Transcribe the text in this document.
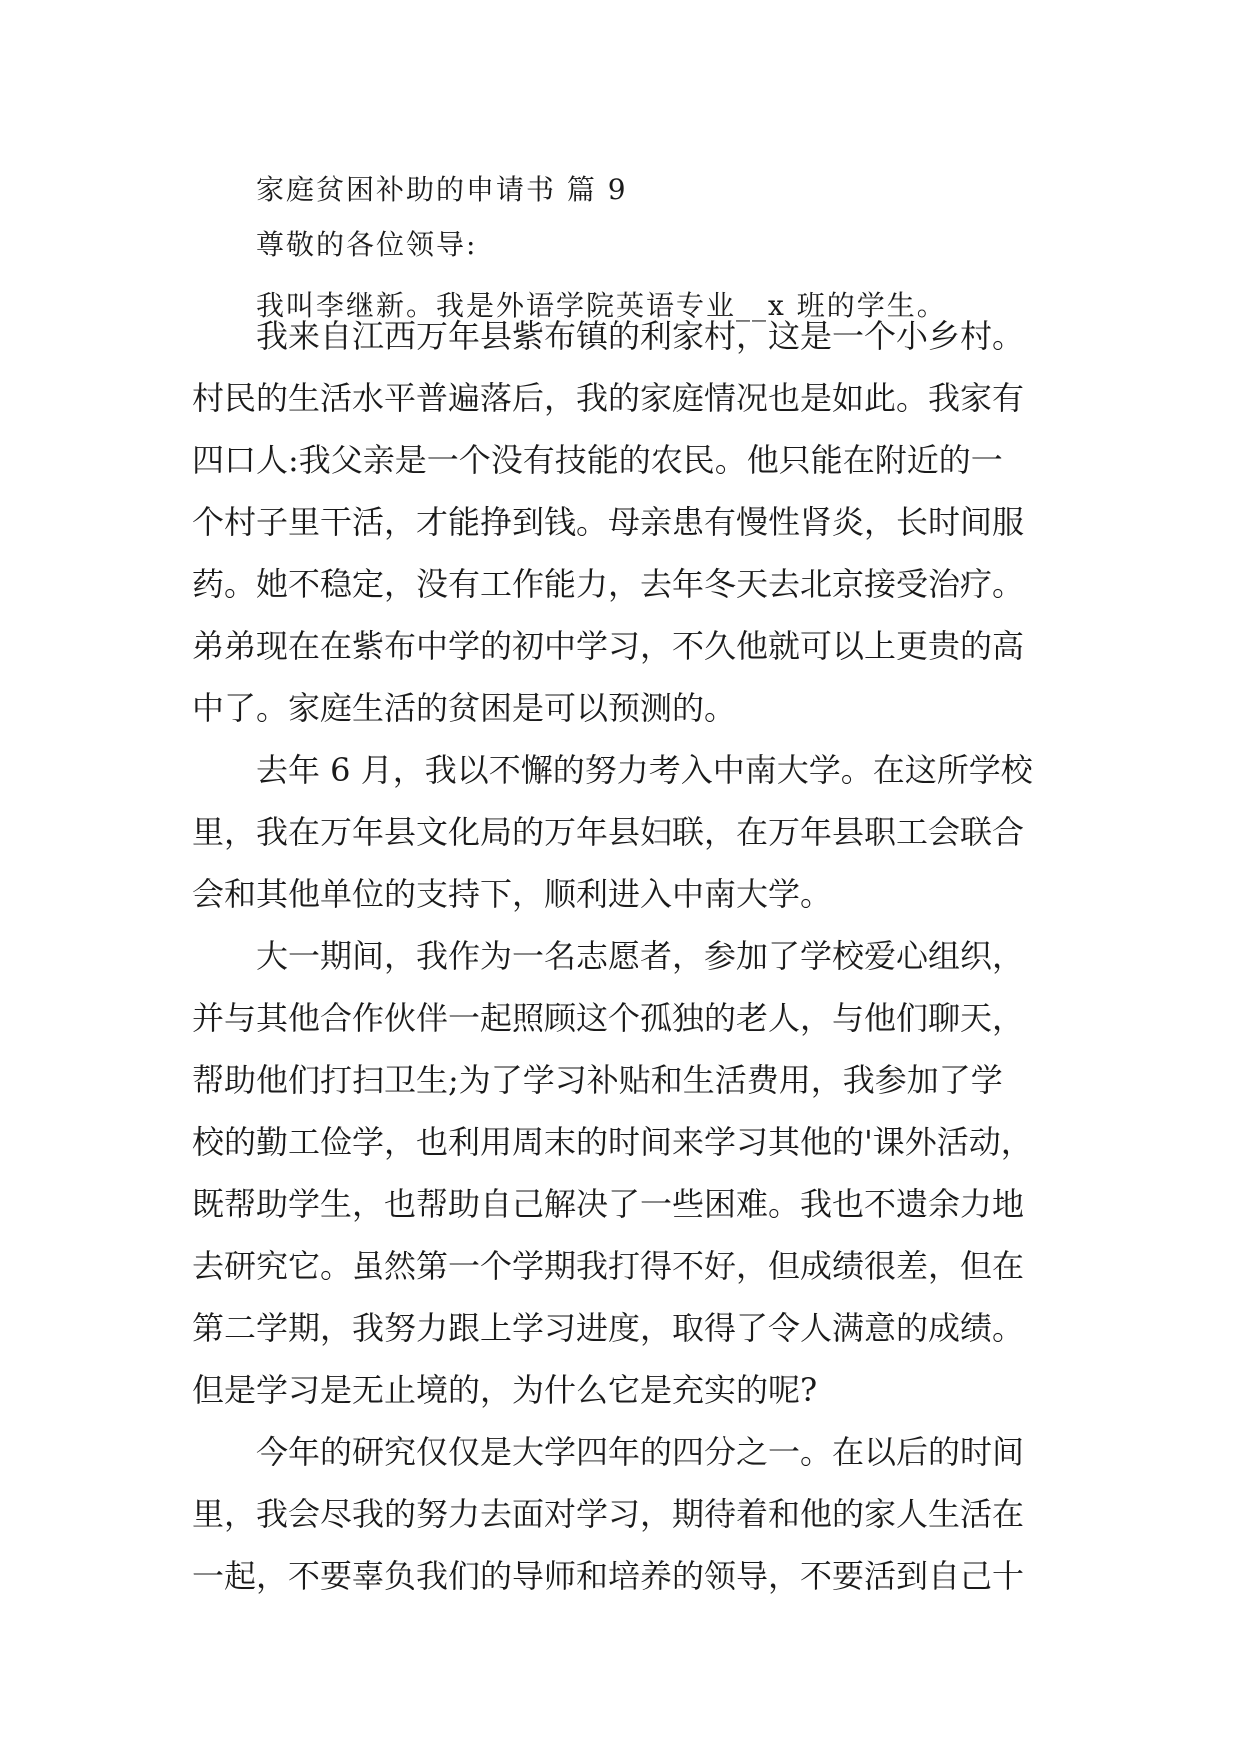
家庭贫困补助的申请书 篇 9
尊敬的各位领导:
我叫李继新。我是外语学院英语专业__x 班的学生。
我来自江西万年县紫布镇的利家村，这是一个小乡村。
村民的生活水平普遍落后，我的家庭情况也是如此。我家有
四口人:我父亲是一个没有技能的农民。他只能在附近的一
个村子里干活，才能挣到钱。母亲患有慢性肾炎，长时间服
药。她不稳定，没有工作能力，去年冬天去北京接受治疗。
弟弟现在在紫布中学的初中学习，不久他就可以上更贵的高
中了。家庭生活的贫困是可以预测的。
去年 6 月，我以不懈的努力考入中南大学。在这所学校
里，我在万年县文化局的万年县妇联，在万年县职工会联合
会和其他单位的支持下，顺利进入中南大学。
大一期间，我作为一名志愿者，参加了学校爱心组织，
并与其他合作伙伴一起照顾这个孤独的老人，与他们聊天，
帮助他们打扫卫生;为了学习补贴和生活费用，我参加了学
校的勤工俭学，也利用周末的时间来学习其他的'课外活动，
既帮助学生，也帮助自己解决了一些困难。我也不遗余力地
去研究它。虽然第一个学期我打得不好，但成绩很差，但在
第二学期，我努力跟上学习进度，取得了令人满意的成绩。
但是学习是无止境的，为什么它是充实的呢?
今年的研究仅仅是大学四年的四分之一。在以后的时间
里，我会尽我的努力去面对学习，期待着和他的家人生活在
一起，不要辜负我们的导师和培养的领导，不要活到自己十
